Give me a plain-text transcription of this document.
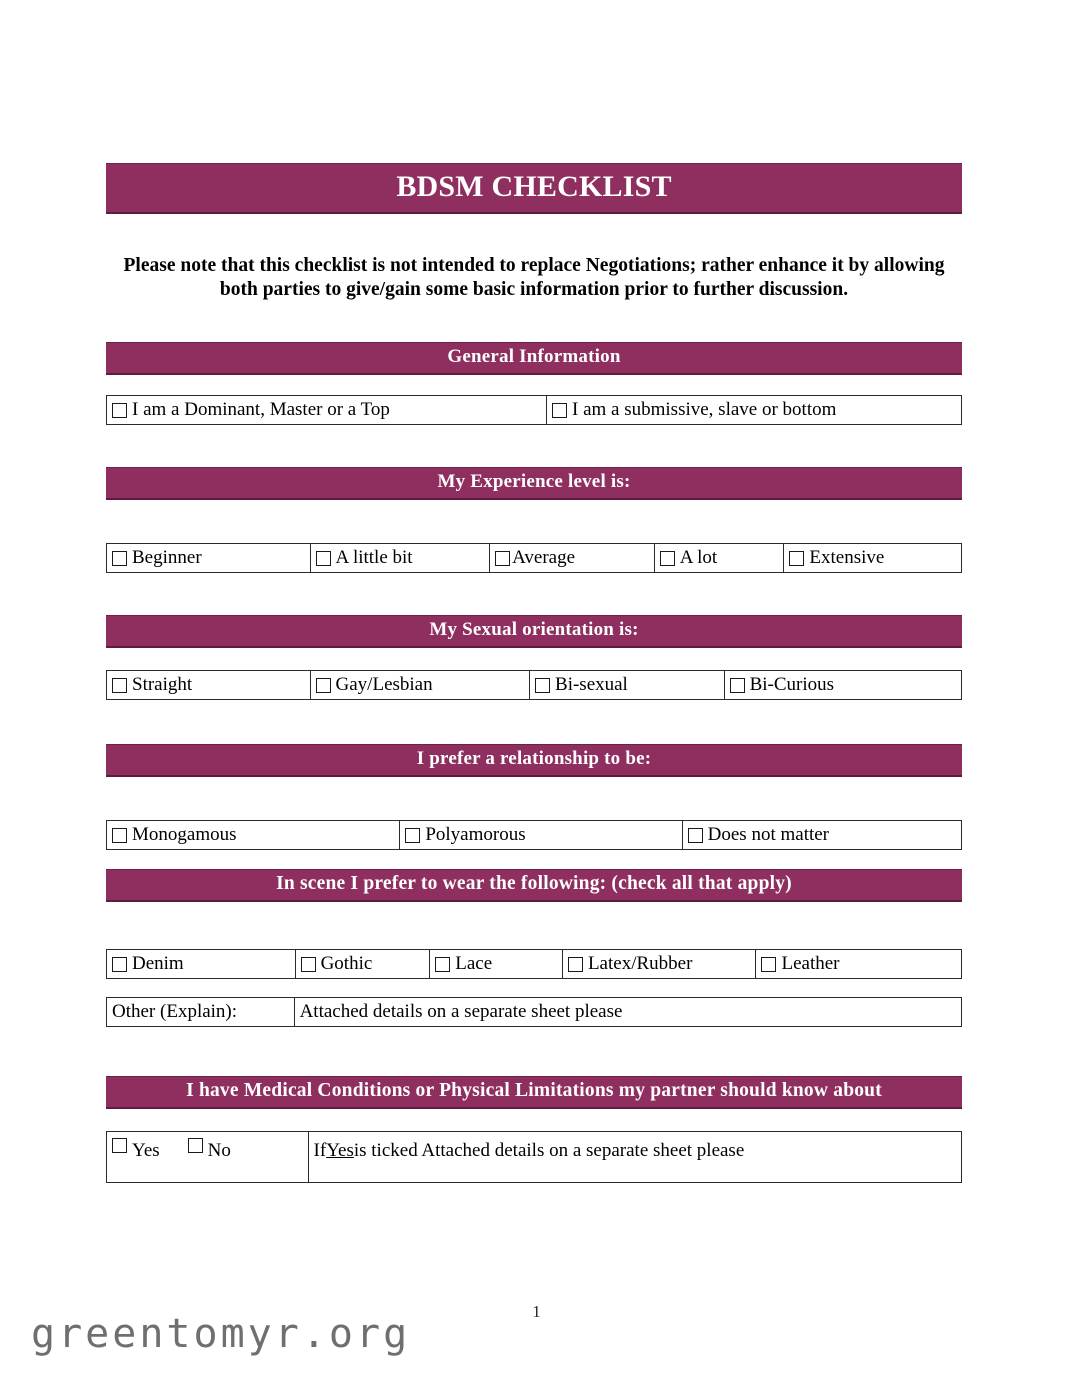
BDSM CHECKLIST
Please note that this checklist is not intended to replace Negotiations; rather enhance it by allowing both parties to give/gain some basic information prior to further discussion.
General Information
I am a Dominant, Master or a Top	I am a submissive, slave or bottom
My Experience level is:
Beginner	A little bit	Average	A lot	Extensive
My Sexual orientation is:
Straight	Gay/Lesbian	Bi-sexual	Bi-Curious
I prefer a relationship to be:
Monogamous	Polyamorous	Does not matter
In scene I prefer to wear the following: (check all that apply)
Denim	Gothic	Lace	Latex/Rubber	Leather
Other (Explain):	Attached details on a separate sheet please
I have Medical Conditions or Physical Limitations my partner should know about
Yes	No	If Yes is ticked Attached details on a separate sheet please
1
greentomyr.org
